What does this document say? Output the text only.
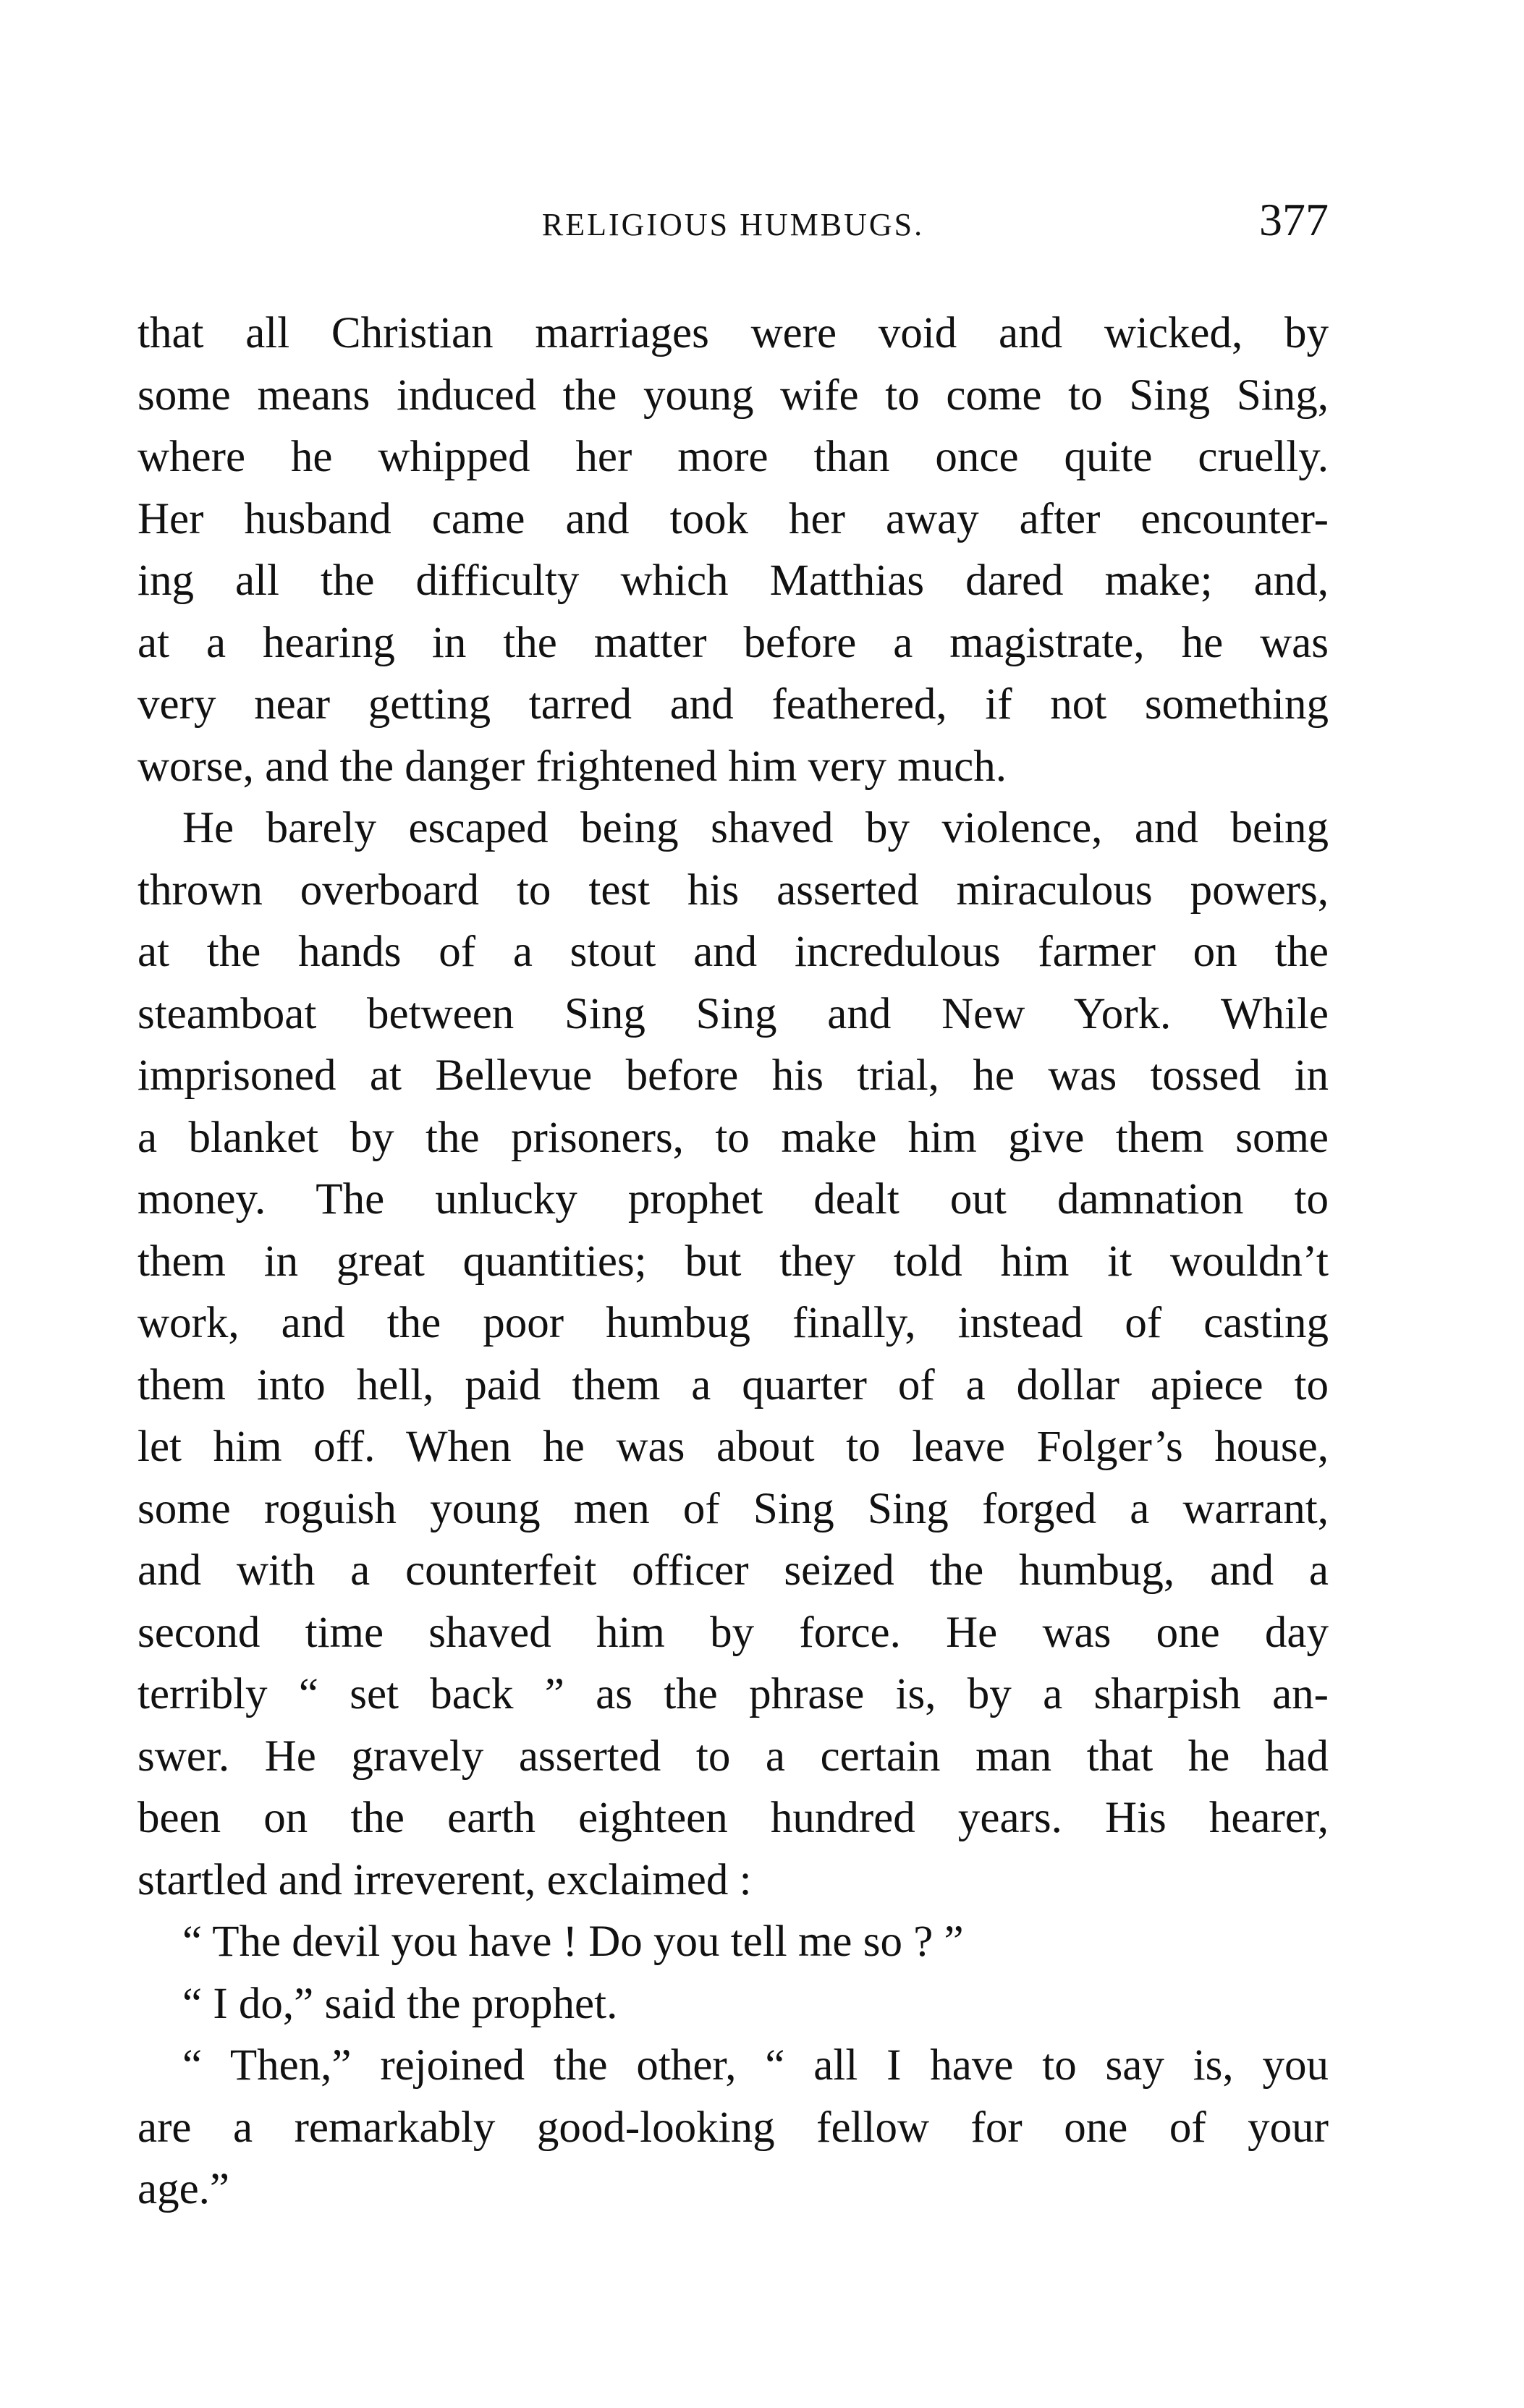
RELIGIOUS HUMBUGS.	377
that all Christian marriages were void and wicked, by
some means induced the young wife to come to Sing Sing,
where he whipped her more than once quite cruelly.
Her husband came and took her away after encounter-
ing all the difficulty which Matthias dared make; and,
at a hearing in the matter before a magistrate, he was
very near getting tarred and feathered, if not something
worse, and the danger frightened him very much.
He barely escaped being shaved by violence, and being
thrown overboard to test his asserted miraculous powers,
at the hands of a stout and incredulous farmer on the
steamboat between Sing Sing and New York. While
imprisoned at Bellevue before his trial, he was tossed in
a blanket by the prisoners, to make him give them some
money. The unlucky prophet dealt out damnation to
them in great quantities; but they told him it wouldn’t
work, and the poor humbug finally, instead of casting
them into hell, paid them a quarter of a dollar apiece to
let him off. When he was about to leave Folger’s house,
some roguish young men of Sing Sing forged a warrant,
and with a counterfeit officer seized the humbug, and a
second time shaved him by force. He was one day
terribly “ set back ” as the phrase is, by a sharpish an-
swer. He gravely asserted to a certain man that he had
been on the earth eighteen hundred years. His hearer,
startled and irreverent, exclaimed :
“ The devil you have ! Do you tell me so ? ”
“ I do,” said the prophet.
“ Then,” rejoined the other, “ all I have to say is, you
are a remarkably good-looking fellow for one of your
age.”
